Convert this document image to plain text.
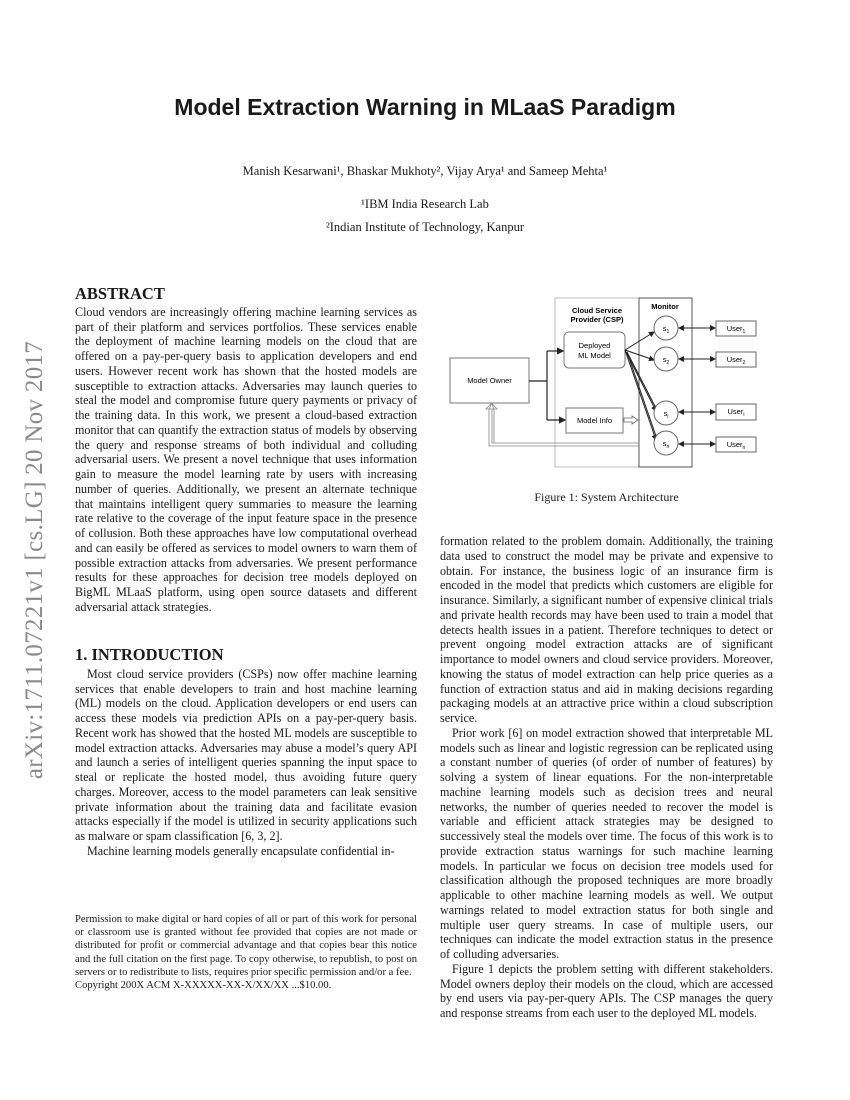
arXiv:1711.07221v1 [cs.LG] 20 Nov 2017
Model Extraction Warning in MLaaS Paradigm
Manish Kesarwani¹, Bhaskar Mukhoty², Vijay Arya¹ and Sameep Mehta¹
¹IBM India Research Lab
²Indian Institute of Technology, Kanpur
ABSTRACT

Cloud vendors are increasingly offering machine learning services as part of their platform and services portfolios. These services enable the deployment of machine learning models on the cloud that are offered on a pay-per-query basis to application developers and end users. However recent work has shown that the hosted models are susceptible to extraction attacks. Adversaries may launch queries to steal the model and compromise future query payments or privacy of the training data. In this work, we present a cloud-based extraction monitor that can quantify the extraction status of models by observing the query and response streams of both individual and colluding adversarial users. We present a novel technique that uses information gain to measure the model learning rate by users with increasing number of queries. Additionally, we present an alternate technique that maintains intelligent query summaries to measure the learning rate relative to the coverage of the input feature space in the presence of collusion. Both these approaches have low computational overhead and can easily be offered as services to model owners to warn them of possible extraction attacks from adversaries. We present performance results for these approaches for decision tree models deployed on BigML MLaaS platform, using open source datasets and different adversarial attack strategies.

1. INTRODUCTION

Most cloud service providers (CSPs) now offer machine learning services that enable developers to train and host machine learning (ML) models on the cloud. Application developers or end users can access these models via prediction APIs on a pay-per-query basis. Recent work has showed that the hosted ML models are susceptible to model extraction attacks. Adversaries may abuse a model’s query API and launch a series of intelligent queries spanning the input space to steal or replicate the hosted model, thus avoiding future query charges. Moreover, access to the model parameters can leak sensitive private information about the training data and facilitate evasion attacks especially if the model is utilized in security applications such as malware or spam classification [6, 3, 2].

Machine learning models generally encapsulate confidential in-

Permission to make digital or hard copies of all or part of this work for personal or classroom use is granted without fee provided that copies are not made or distributed for profit or commercial advantage and that copies bear this notice and the full citation on the first page. To copy otherwise, to republish, to post on servers or to redistribute to lists, requires prior specific permission and/or a fee.
Copyright 200X ACM X-XXXXX-XX-X/XX/XX ...$10.00.
Cloud Service
Provider (CSP)
Monitor
Model Owner
Deployed
ML Model
Model Info
$s_1$
$s_2$
$s_i$
$s_n$
User$_1$
User$_2$
User$_i$
User$_n$
Figure 1: System Architecture

formation related to the problem domain. Additionally, the training data used to construct the model may be private and expensive to obtain. For instance, the business logic of an insurance firm is encoded in the model that predicts which customers are eligible for insurance. Similarly, a significant number of expensive clinical trials and private health records may have been used to train a model that detects health issues in a patient. Therefore techniques to detect or prevent ongoing model extraction attacks are of significant importance to model owners and cloud service providers. Moreover, knowing the status of model extraction can help price queries as a function of extraction status and aid in making decisions regarding packaging models at an attractive price within a cloud subscription service.

Prior work [6] on model extraction showed that interpretable ML models such as linear and logistic regression can be replicated using a constant number of queries (of order of number of features) by solving a system of linear equations. For the non-interpretable machine learning models such as decision trees and neural networks, the number of queries needed to recover the model is variable and efficient attack strategies may be designed to successively steal the models over time. The focus of this work is to provide extraction status warnings for such machine learning models. In particular we focus on decision tree models used for classification although the proposed techniques are more broadly applicable to other machine learning models as well. We output warnings related to model extraction status for both single and multiple user query streams. In case of multiple users, our techniques can indicate the model extraction status in the presence of colluding adversaries.

Figure 1 depicts the problem setting with different stakeholders. Model owners deploy their models on the cloud, which are accessed by end users via pay-per-query APIs. The CSP manages the query and response streams from each user to the deployed ML models.
